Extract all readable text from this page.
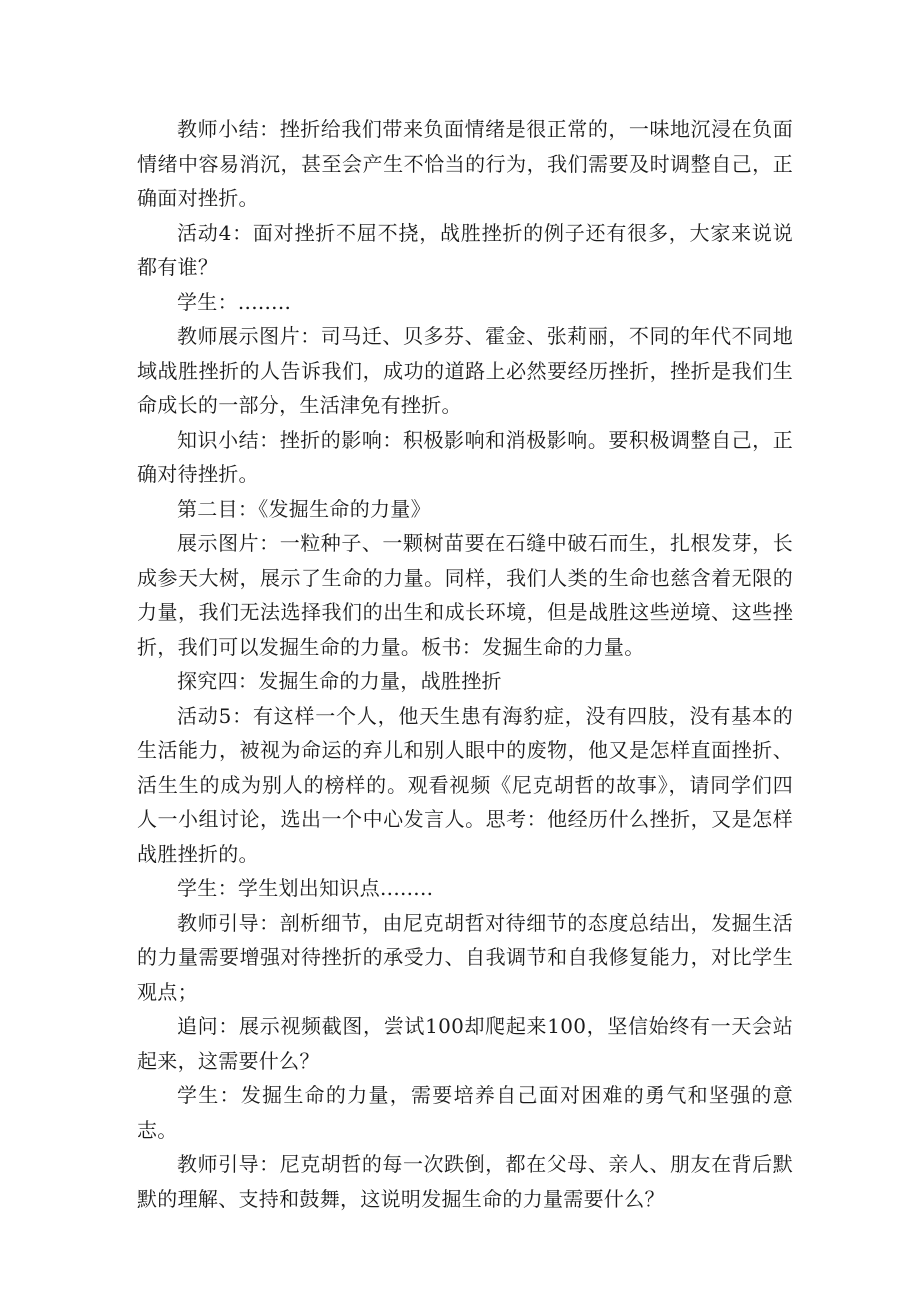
教师小结：挫折给我们带来负面情绪是很正常的，一味地沉浸在负面情绪中容易消沉，甚至会产生不恰当的行为，我们需要及时调整自己，正确面对挫折。

活动4：面对挫折不屈不挠，战胜挫折的例子还有很多，大家来说说都有谁？

学生：........

教师展示图片：司马迁、贝多芬、霍金、张莉丽，不同的年代不同地域战胜挫折的人告诉我们，成功的道路上必然要经历挫折，挫折是我们生命成长的一部分，生活津免有挫折。

知识小结：挫折的影响：积极影响和消极影响。要积极调整自己，正确对待挫折。

第二目：《发掘生命的力量》

展示图片：一粒种子、一颗树苗要在石缝中破石而生，扎根发芽，长成参天大树，展示了生命的力量。同样，我们人类的生命也慈含着无限的力量，我们无法选择我们的出生和成长环境，但是战胜这些逆境、这些挫折，我们可以发掘生命的力量。板书：发掘生命的力量。

探究四：发掘生命的力量，战胜挫折

活动5：有这样一个人，他天生患有海豹症，没有四肢，没有基本的生活能力，被视为命运的弃儿和别人眼中的废物，他又是怎样直面挫折、活生生的成为别人的榜样的。观看视频《尼克胡哲的故事》，请同学们四人一小组讨论，选出一个中心发言人。思考：他经历什么挫折，又是怎样战胜挫折的。

学生：学生划出知识点........

教师引导：剖析细节，由尼克胡哲对待细节的态度总结出，发掘生活的力量需要增强对待挫折的承受力、自我调节和自我修复能力，对比学生观点；

追问：展示视频截图，尝试100却爬起来100，坚信始终有一天会站起来，这需要什么？

学生：发掘生命的力量，需要培养自己面对困难的勇气和坚强的意志。

教师引导：尼克胡哲的每一次跌倒，都在父母、亲人、朋友在背后默默的理解、支持和鼓舞，这说明发掘生命的力量需要什么？
